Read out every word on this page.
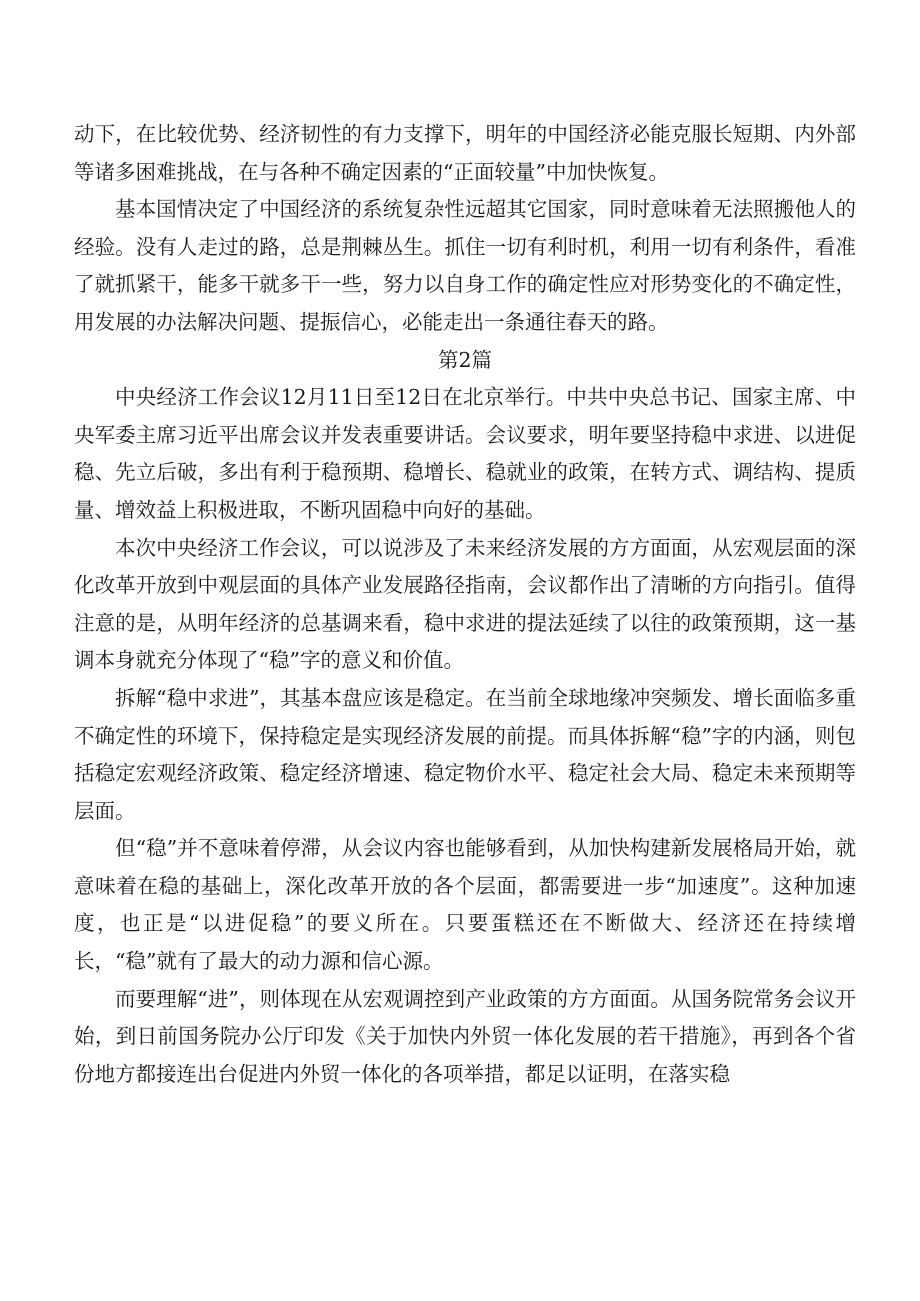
动下，在比较优势、经济韧性的有力支撑下，明年的中国经济必能克服长短期、内外部等诸多困难挑战，在与各种不确定因素的“正面较量”中加快恢复。

基本国情决定了中国经济的系统复杂性远超其它国家，同时意味着无法照搬他人的经验。没有人走过的路，总是荆棘丛生。抓住一切有利时机，利用一切有利条件，看准了就抓紧干，能多干就多干一些，努力以自身工作的确定性应对形势变化的不确定性，用发展的办法解决问题、提振信心，必能走出一条通往春天的路。

第2篇

中央经济工作会议12月11日至12日在北京举行。中共中央总书记、国家主席、中央军委主席习近平出席会议并发表重要讲话。会议要求，明年要坚持稳中求进、以进促稳、先立后破，多出有利于稳预期、稳增长、稳就业的政策，在转方式、调结构、提质量、增效益上积极进取，不断巩固稳中向好的基础。

本次中央经济工作会议，可以说涉及了未来经济发展的方方面面，从宏观层面的深化改革开放到中观层面的具体产业发展路径指南，会议都作出了清晰的方向指引。值得注意的是，从明年经济的总基调来看，稳中求进的提法延续了以往的政策预期，这一基调本身就充分体现了“稳”字的意义和价值。

拆解“稳中求进”，其基本盘应该是稳定。在当前全球地缘冲突频发、增长面临多重不确定性的环境下，保持稳定是实现经济发展的前提。而具体拆解“稳”字的内涵，则包括稳定宏观经济政策、稳定经济增速、稳定物价水平、稳定社会大局、稳定未来预期等层面。

但“稳”并不意味着停滞，从会议内容也能够看到，从加快构建新发展格局开始，就意味着在稳的基础上，深化改革开放的各个层面，都需要进一步“加速度”。这种加速度，也正是“以进促稳”的要义所在。只要蛋糕还在不断做大、经济还在持续增长，“稳”就有了最大的动力源和信心源。

而要理解“进”，则体现在从宏观调控到产业政策的方方面面。从国务院常务会议开始，到日前国务院办公厅印发《关于加快内外贸一体化发展的若干措施》，再到各个省份地方都接连出台促进内外贸一体化的各项举措，都足以证明，在落实稳
